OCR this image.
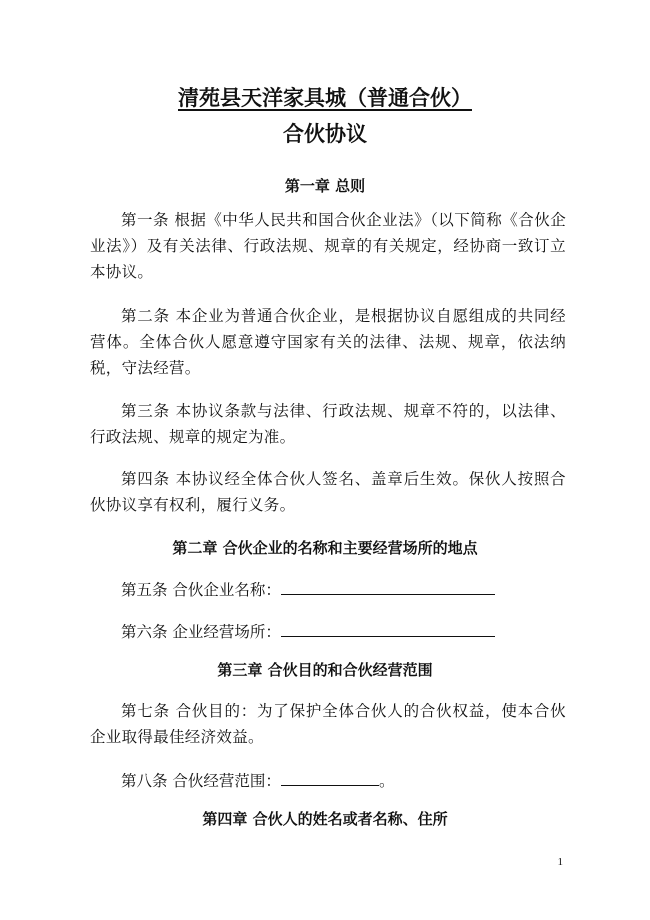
清苑县天洋家具城（普通合伙）
合伙协议
第一章 总则
第一条 根据《中华人民共和国合伙企业法》（以下简称《合伙企业法》）及有关法律、行政法规、规章的有关规定，经协商一致订立本协议。
第二条 本企业为普通合伙企业，是根据协议自愿组成的共同经营体。全体合伙人愿意遵守国家有关的法律、法规、规章，依法纳税，守法经营。
第三条 本协议条款与法律、行政法规、规章不符的，以法律、行政法规、规章的规定为准。
第四条 本协议经全体合伙人签名、盖章后生效。保伙人按照合伙协议享有权利，履行义务。
第二章 合伙企业的名称和主要经营场所的地点
第五条 合伙企业名称：
第六条 企业经营场所：
第三章 合伙目的和合伙经营范围
第七条 合伙目的：为了保护全体合伙人的合伙权益，使本合伙企业取得最佳经济效益。
第八条 合伙经营范围：	。
第四章 合伙人的姓名或者名称、住所
1
